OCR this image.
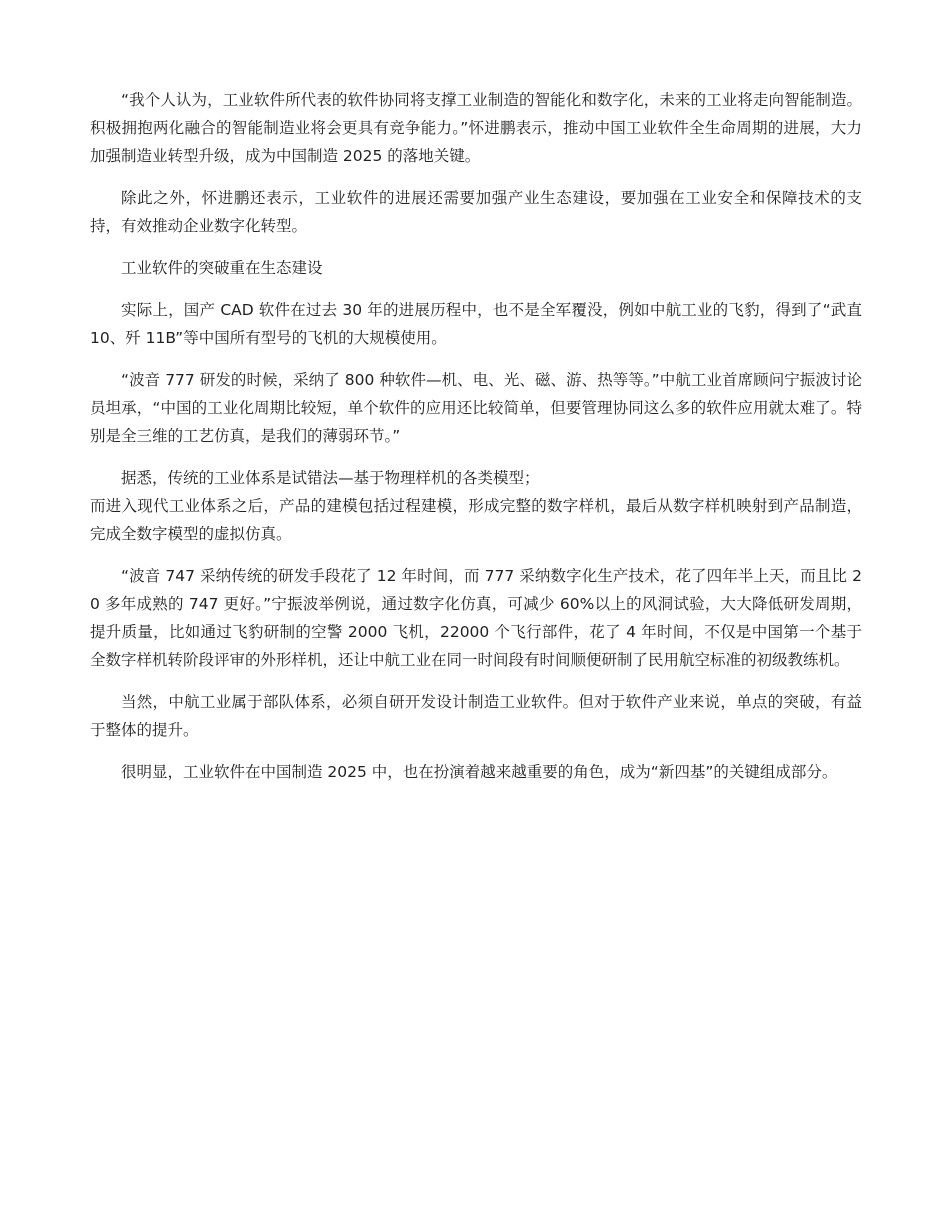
“我个人认为，工业软件所代表的软件协同将支撑工业制造的智能化和数字化，未来的工业将走向智能制造。积极拥抱两化融合的智能制造业将会更具有竞争能力。”怀进鹏表示，推动中国工业软件全生命周期的进展，大力加强制造业转型升级，成为中国制造 2025 的落地关键。

除此之外，怀进鹏还表示，工业软件的进展还需要加强产业生态建设，要加强在工业安全和保障技术的支持，有效推动企业数字化转型。

工业软件的突破重在生态建设

实际上，国产 CAD 软件在过去 30 年的进展历程中，也不是全军覆没，例如中航工业的飞豹，得到了“武直 10、歼 11B”等中国所有型号的飞机的大规模使用。

“波音 777 研发的时候，采纳了 800 种软件—机、电、光、磁、游、热等等。”中航工业首席顾问宁振波讨论员坦承，“中国的工业化周期比较短，单个软件的应用还比较简单，但要管理协同这么多的软件应用就太难了。特别是全三维的工艺仿真，是我们的薄弱环节。”

据悉，传统的工业体系是试错法—基于物理样机的各类模型；
而进入现代工业体系之后，产品的建模包括过程建模，形成完整的数字样机，最后从数字样机映射到产品制造，完成全数字模型的虚拟仿真。

“波音 747 采纳传统的研发手段花了 12 年时间，而 777 采纳数字化生产技术，花了四年半上天，而且比 20 多年成熟的 747 更好。”宁振波举例说，通过数字化仿真，可减少 60%以上的风洞试验，大大降低研发周期，提升质量，比如通过飞豹研制的空警 2000 飞机，22000 个飞行部件，花了 4 年时间，不仅是中国第一个基于全数字样机转阶段评审的外形样机，还让中航工业在同一时间段有时间顺便研制了民用航空标准的初级教练机。

当然，中航工业属于部队体系，必须自研开发设计制造工业软件。但对于软件产业来说，单点的突破，有益于整体的提升。

很明显，工业软件在中国制造 2025 中，也在扮演着越来越重要的角色，成为“新四基”的关键组成部分。
